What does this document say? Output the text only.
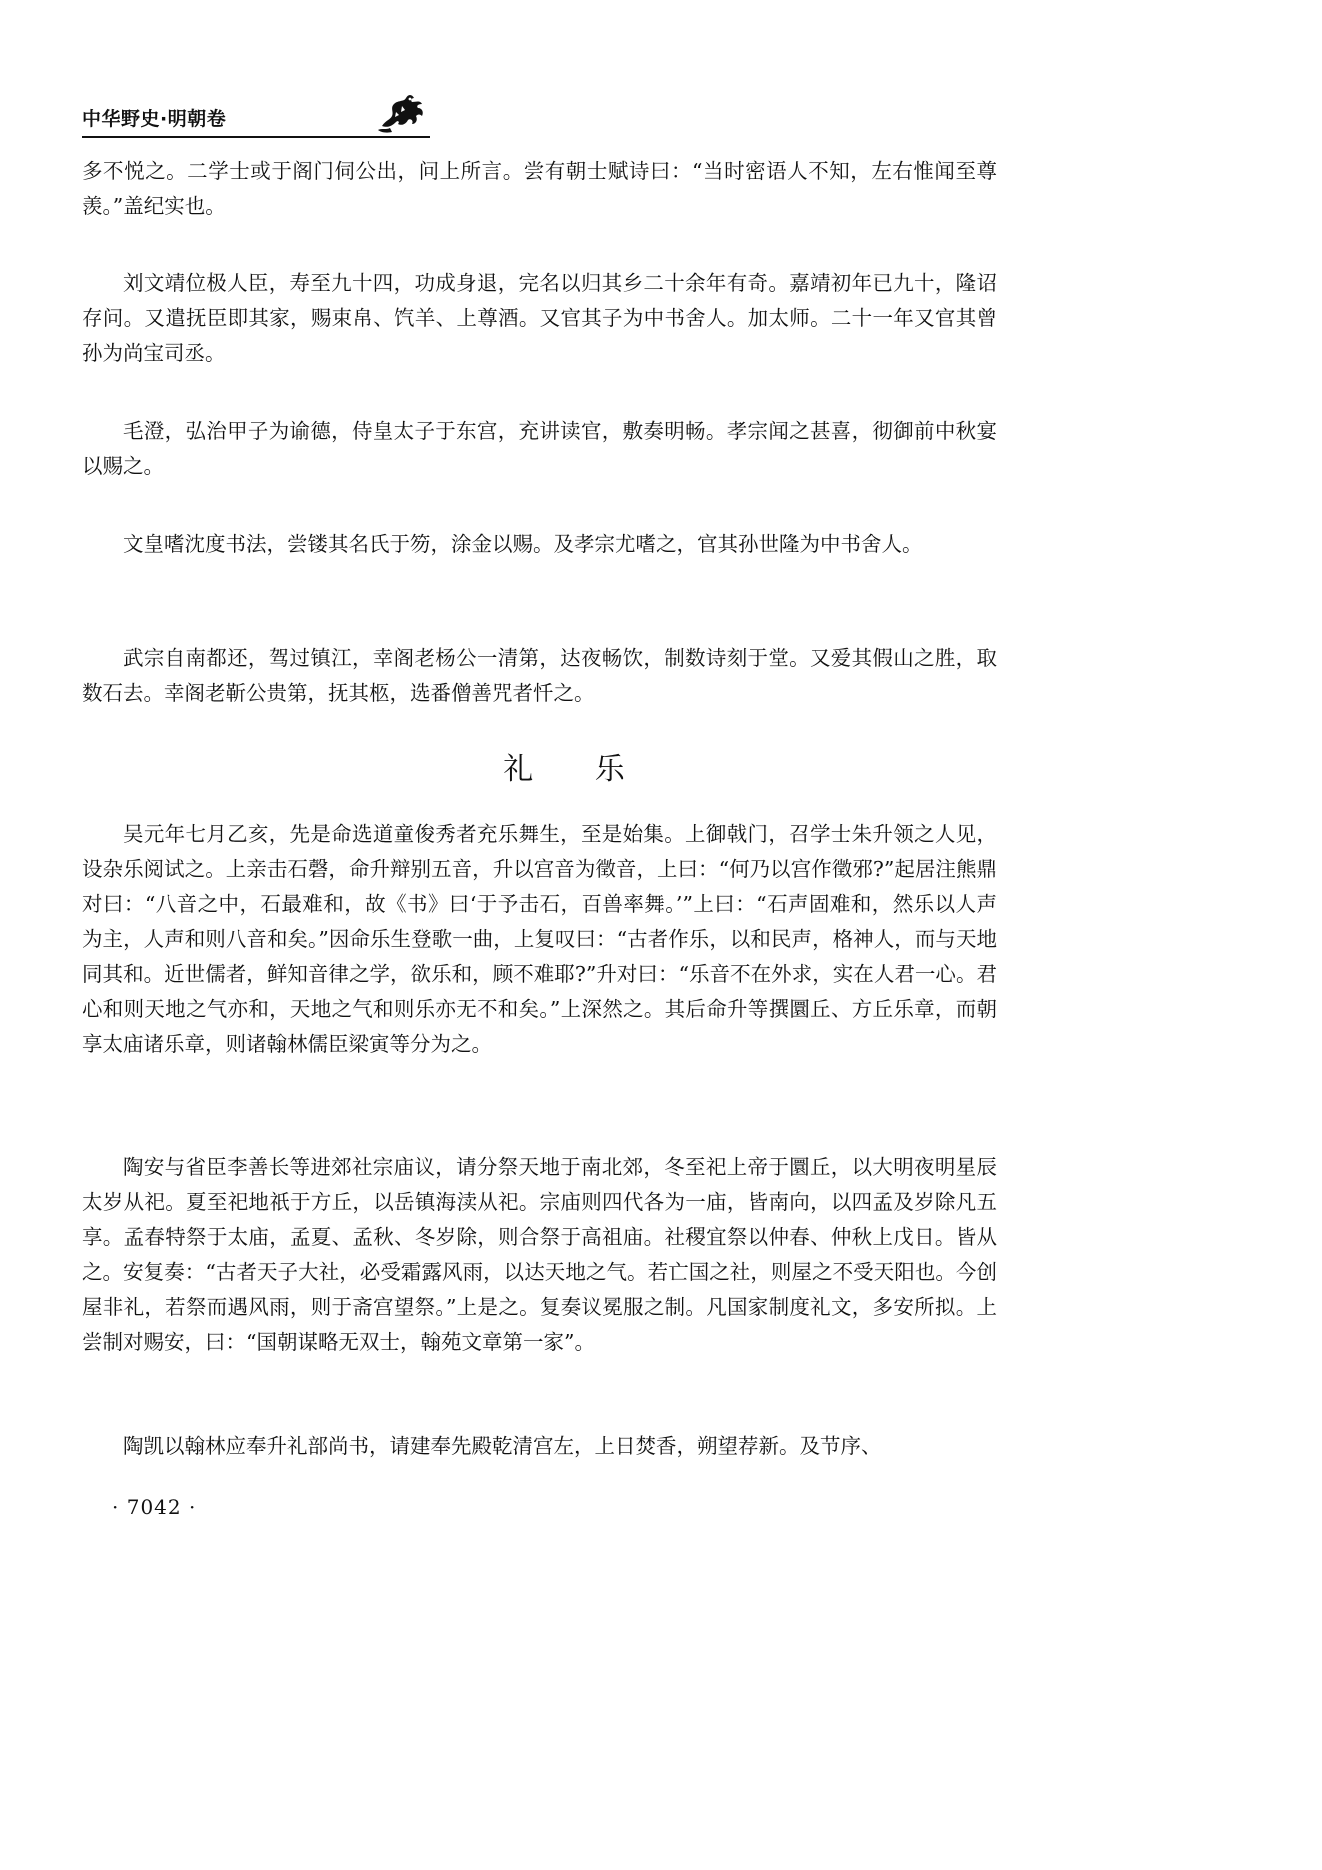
中华野史·明朝卷

多不悦之。二学士或于阁门伺公出，问上所言。尝有朝士赋诗曰：“当时密语人不知，左右惟闻至尊羡。”盖纪实也。

刘文靖位极人臣，寿至九十四，功成身退，完名以归其乡二十余年有奇。嘉靖初年已九十，隆诏存问。又遣抚臣即其家，赐束帛、饩羊、上尊酒。又官其子为中书舍人。加太师。二十一年又官其曾孙为尚宝司丞。

毛澄，弘治甲子为谕德，侍皇太子于东宫，充讲读官，敷奏明畅。孝宗闻之甚喜，彻御前中秋宴以赐之。

文皇嗜沈度书法，尝镂其名氏于笏，涂金以赐。及孝宗尤嗜之，官其孙世隆为中书舍人。

武宗自南都还，驾过镇江，幸阁老杨公一清第，达夜畅饮，制数诗刻于堂。又爱其假山之胜，取数石去。幸阁老靳公贵第，抚其柩，选番僧善咒者忏之。

礼 乐

吴元年七月乙亥，先是命选道童俊秀者充乐舞生，至是始集。上御戟门，召学士朱升领之人见，设杂乐阅试之。上亲击石磬，命升辩别五音，升以宫音为徵音，上曰：“何乃以宫作徵邪?”起居注熊鼎对曰：“八音之中，石最难和，故《书》曰‘于予击石，百兽率舞。’”上曰：“石声固难和，然乐以人声为主，人声和则八音和矣。”因命乐生登歌一曲，上复叹曰：“古者作乐，以和民声，格神人，而与天地同其和。近世儒者，鲜知音律之学，欲乐和，顾不难耶?”升对曰：“乐音不在外求，实在人君一心。君心和则天地之气亦和，天地之气和则乐亦无不和矣。”上深然之。其后命升等撰圜丘、方丘乐章，而朝享太庙诸乐章，则诸翰林儒臣梁寅等分为之。

陶安与省臣李善长等进郊社宗庙议，请分祭天地于南北郊，冬至祀上帝于圜丘，以大明夜明星辰太岁从祀。夏至祀地祇于方丘，以岳镇海渎从祀。宗庙则四代各为一庙，皆南向，以四孟及岁除凡五享。孟春特祭于太庙，孟夏、孟秋、冬岁除，则合祭于高祖庙。社稷宜祭以仲春、仲秋上戊日。皆从之。安复奏：“古者天子大社，必受霜露风雨，以达天地之气。若亡国之社，则屋之不受天阳也。今创屋非礼，若祭而遇风雨，则于斋宫望祭。”上是之。复奏议冕服之制。凡国家制度礼文，多安所拟。上尝制对赐安，曰：“国朝谋略无双士，翰苑文章第一家”。

陶凯以翰林应奉升礼部尚书，请建奉先殿乾清宫左，上日焚香，朔望荐新。及节序、

· 7042 ·
